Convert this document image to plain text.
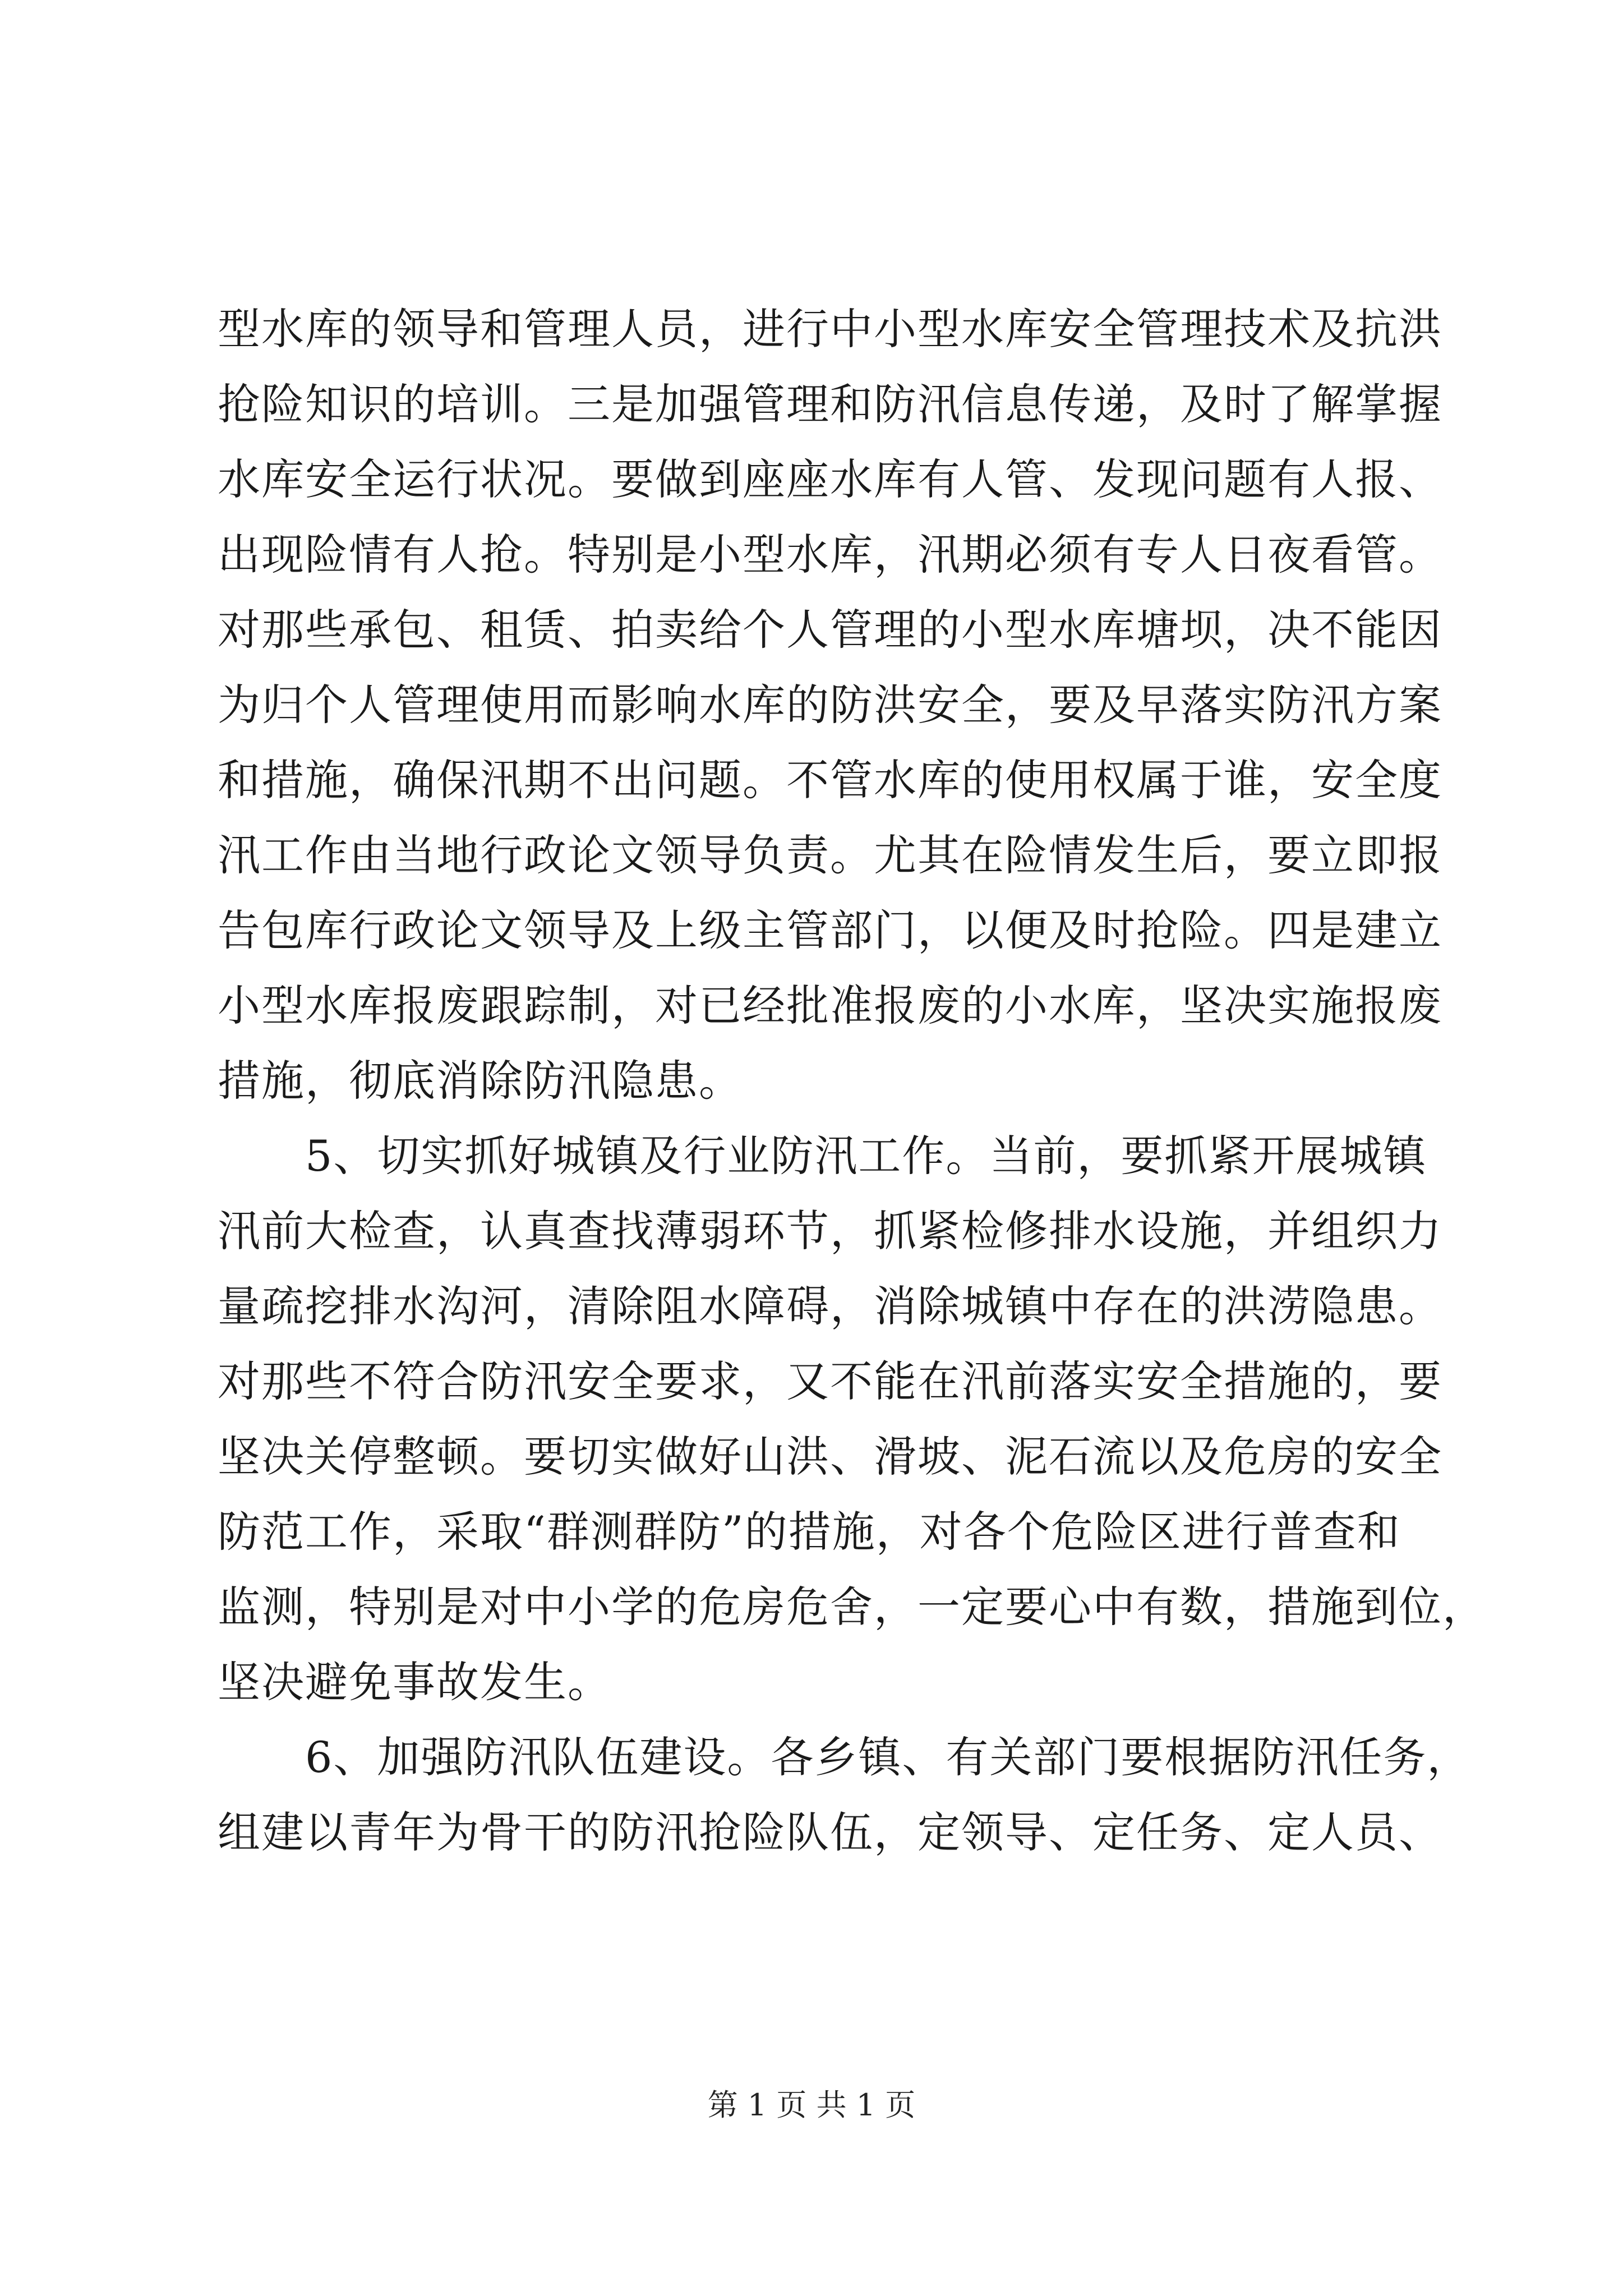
型水库的领导和管理人员，进行中小型水库安全管理技术及抗洪
抢险知识的培训。三是加强管理和防汛信息传递，及时了解掌握
水库安全运行状况。要做到座座水库有人管、发现问题有人报、
出现险情有人抢。特别是小型水库，汛期必须有专人日夜看管。
对那些承包、租赁、拍卖给个人管理的小型水库塘坝，决不能因
为归个人管理使用而影响水库的防洪安全，要及早落实防汛方案
和措施，确保汛期不出问题。不管水库的使用权属于谁，安全度
汛工作由当地行政论文领导负责。尤其在险情发生后，要立即报
告包库行政论文领导及上级主管部门，以便及时抢险。四是建立
小型水库报废跟踪制，对已经批准报废的小水库，坚决实施报废
措施，彻底消除防汛隐患。
　　5、切实抓好城镇及行业防汛工作。当前，要抓紧开展城镇
汛前大检查，认真查找薄弱环节，抓紧检修排水设施，并组织力
量疏挖排水沟河，清除阻水障碍，消除城镇中存在的洪涝隐患。
对那些不符合防汛安全要求，又不能在汛前落实安全措施的，要
坚决关停整顿。要切实做好山洪、滑坡、泥石流以及危房的安全
防范工作，采取“群测群防”的措施，对各个危险区进行普查和
监测，特别是对中小学的危房危舍，一定要心中有数，措施到位，
坚决避免事故发生。
　　6、加强防汛队伍建设。各乡镇、有关部门要根据防汛任务，
组建以青年为骨干的防汛抢险队伍，定领导、定任务、定人员、
第 1 页 共 1 页
